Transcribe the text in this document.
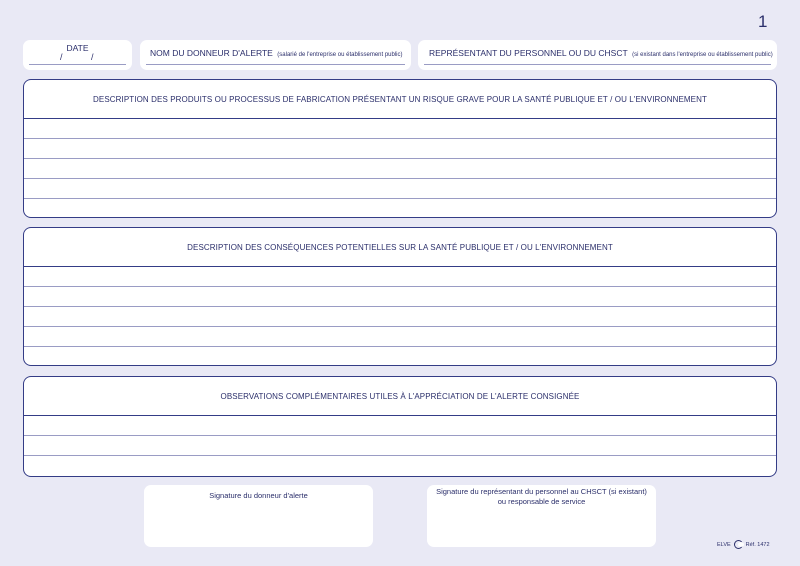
1
DATE
/	/	NOM DU DONNEUR D'ALERTE (salarié de l'entreprise ou établissement public)	REPRÉSENTANT DU PERSONNEL OU DU CHSCT (si existant dans l'entreprise ou établissement public)
DESCRIPTION DES PRODUITS OU PROCESSUS DE FABRICATION PRÉSENTANT UN RISQUE GRAVE POUR LA SANTÉ PUBLIQUE ET / OU L'ENVIRONNEMENT
DESCRIPTION DES CONSÉQUENCES POTENTIELLES SUR LA SANTÉ PUBLIQUE ET / OU L'ENVIRONNEMENT
OBSERVATIONS COMPLÉMENTAIRES UTILES À L'APPRÉCIATION DE L'ALERTE CONSIGNÉE
Signature du donneur d'alerte	Signature du représentant du personnel au CHSCT (si existant)
ou responsable de service
ELVE	Réf. 1472
